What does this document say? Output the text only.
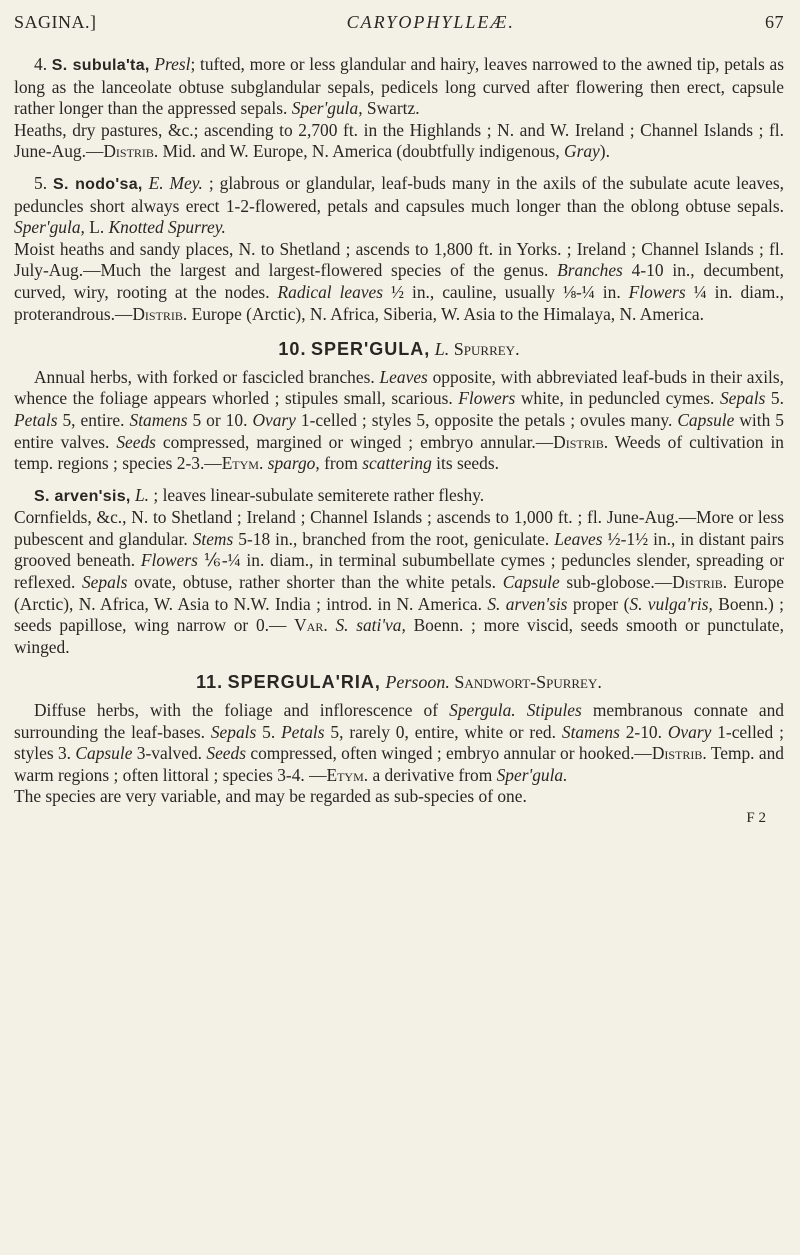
SAGINA.]	CARYOPHYLLEÆ.	67

4. S. subula'ta, Presl; tufted, more or less glandular and hairy, leaves narrowed to the awned tip, petals as long as the lanceolate obtuse subglandular sepals, pedicels long curved after flowering then erect, capsule rather longer than the appressed sepals. Sper'gula, Swartz.

Heaths, dry pastures, &c.; ascending to 2,700 ft. in the Highlands ; N. and W. Ireland ; Channel Islands ; fl. June-Aug.—Distrib. Mid. and W. Europe, N. America (doubtfully indigenous, Gray).

5. S. nodo'sa, E. Mey. ; glabrous or glandular, leaf-buds many in the axils of the subulate acute leaves, peduncles short always erect 1-2-flowered, petals and capsules much longer than the oblong obtuse sepals. Sper'gula, L. Knotted Spurrey.

Moist heaths and sandy places, N. to Shetland ; ascends to 1,800 ft. in Yorks. ; Ireland ; Channel Islands ; fl. July-Aug.—Much the largest and largest-flowered species of the genus. Branches 4-10 in., decumbent, curved, wiry, rooting at the nodes. Radical leaves ½ in., cauline, usually ⅛-¼ in. Flowers ¼ in. diam., proterandrous.—Distrib. Europe (Arctic), N. Africa, Siberia, W. Asia to the Himalaya, N. America.

10. SPER'GULA, L. Spurrey.

Annual herbs, with forked or fascicled branches. Leaves opposite, with abbreviated leaf-buds in their axils, whence the foliage appears whorled ; stipules small, scarious. Flowers white, in peduncled cymes. Sepals 5. Petals 5, entire. Stamens 5 or 10. Ovary 1-celled ; styles 5, opposite the petals ; ovules many. Capsule with 5 entire valves. Seeds compressed, margined or winged ; embryo annular.—Distrib. Weeds of cultivation in temp. regions ; species 2-3.—Etym. spargo, from scattering its seeds.

S. arven'sis, L. ; leaves linear-subulate semiterete rather fleshy.

Cornfields, &c., N. to Shetland ; Ireland ; Channel Islands ; ascends to 1,000 ft. ; fl. June-Aug.—More or less pubescent and glandular. Stems 5-18 in., branched from the root, geniculate. Leaves ½-1½ in., in distant pairs grooved beneath. Flowers ⅙-¼ in. diam., in terminal subumbellate cymes ; peduncles slender, spreading or reflexed. Sepals ovate, obtuse, rather shorter than the white petals. Capsule sub-globose.—Distrib. Europe (Arctic), N. Africa, W. Asia to N.W. India ; introd. in N. America. S. arven'sis proper (S. vulga'ris, Boenn.) ; seeds papillose, wing narrow or 0.— Var. S. sati'va, Boenn. ; more viscid, seeds smooth or punctulate, winged.

11. SPERGULA'RIA, Persoon. Sandwort-Spurrey.

Diffuse herbs, with the foliage and inflorescence of Spergula. Stipules membranous connate and surrounding the leaf-bases. Sepals 5. Petals 5, rarely 0, entire, white or red. Stamens 2-10. Ovary 1-celled ; styles 3. Capsule 3-valved. Seeds compressed, often winged ; embryo annular or hooked.—Distrib. Temp. and warm regions ; often littoral ; species 3-4. —Etym. a derivative from Sper'gula.

The species are very variable, and may be regarded as sub-species of one.

F 2
